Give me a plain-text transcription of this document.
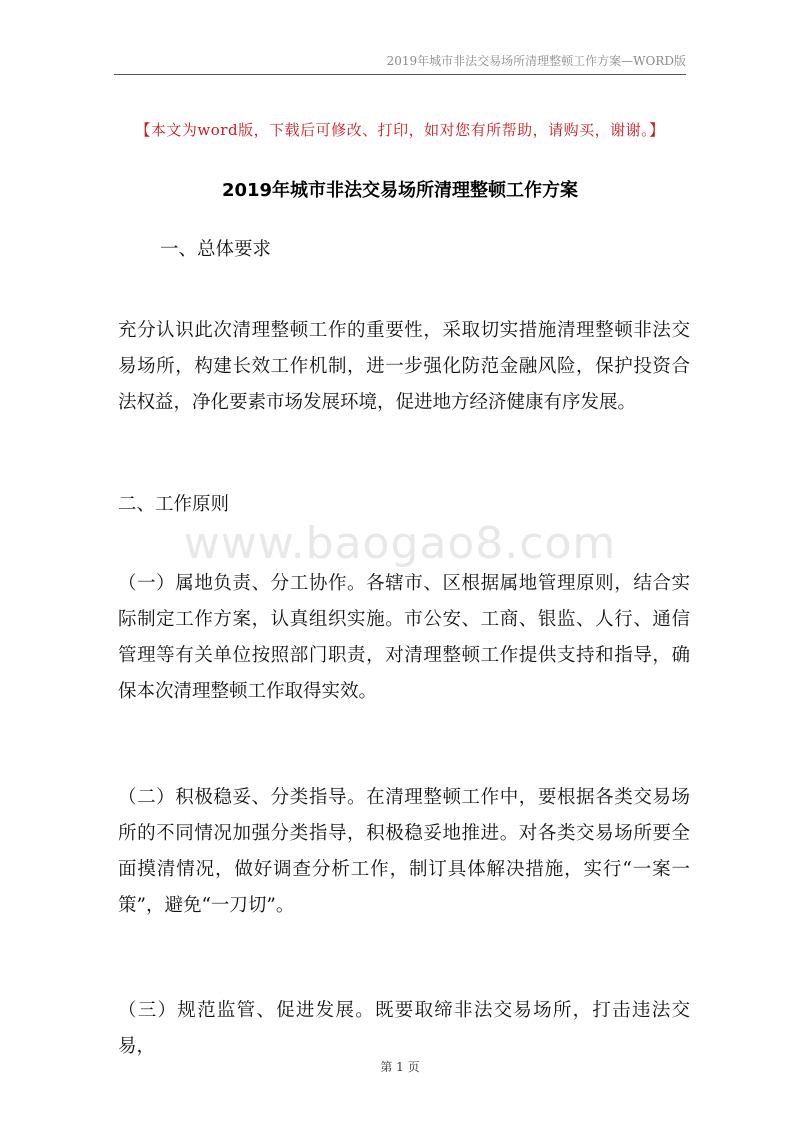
2019年城市非法交易场所清理整顿工作方案—WORD版
【本文为word版，下载后可修改、打印，如对您有所帮助，请购买，谢谢。】
2019年城市非法交易场所清理整顿工作方案
一、总体要求
充分认识此次清理整顿工作的重要性，采取切实措施清理整顿非法交易场所，构建长效工作机制，进一步强化防范金融风险，保护投资合法权益，净化要素市场发展环境，促进地方经济健康有序发展。
二、工作原则
www.baogao8.com
（一）属地负责、分工协作。各辖市、区根据属地管理原则，结合实际制定工作方案，认真组织实施。市公安、工商、银监、人行、通信管理等有关单位按照部门职责，对清理整顿工作提供支持和指导，确保本次清理整顿工作取得实效。
（二）积极稳妥、分类指导。在清理整顿工作中，要根据各类交易场所的不同情况加强分类指导，积极稳妥地推进。对各类交易场所要全面摸清情况，做好调查分析工作，制订具体解决措施，实行“一案一策”，避免“一刀切”。
（三）规范监管、促进发展。既要取缔非法交易场所，打击违法交易，
第 1 页
